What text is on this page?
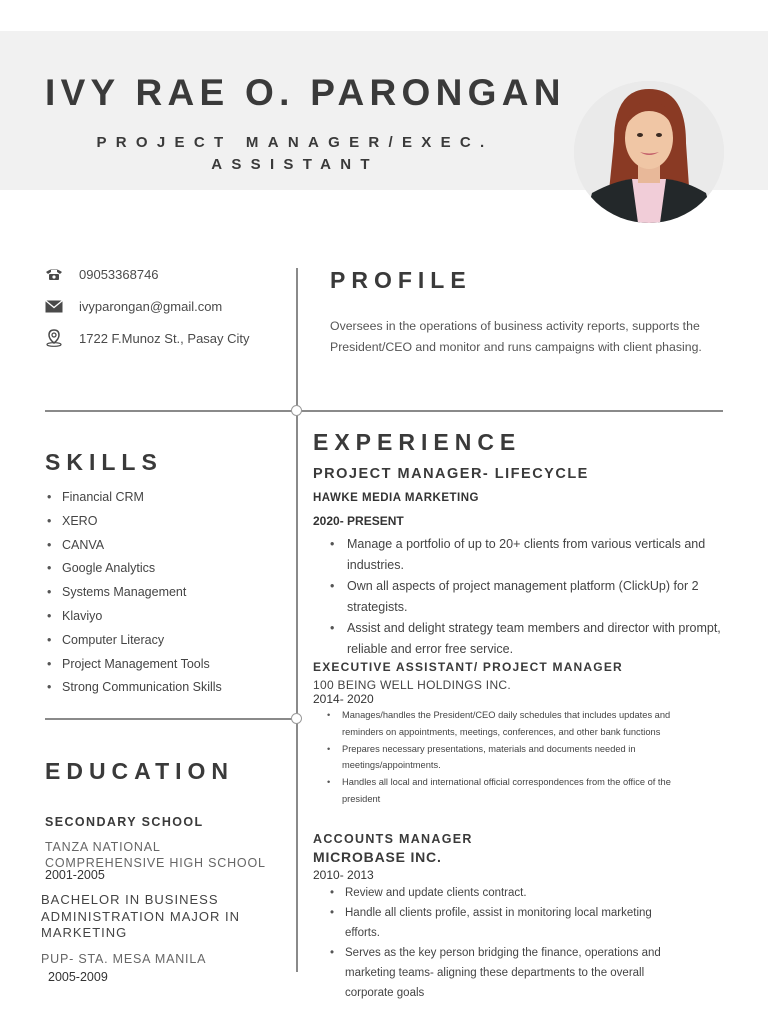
IVY RAE O. PARONGAN
PROJECT MANAGER/EXEC. ASSISTANT
09053368746
ivyparongan@gmail.com
1722 F.Munoz St., Pasay City
PROFILE
Oversees in the operations of business activity reports, supports the President/CEO and monitor and runs campaigns with client phasing.
SKILLS
• Financial CRM
• XERO
• CANVA
• Google Analytics
• Systems Management
• Klaviyo
• Computer Literacy
• Project Management Tools
• Strong Communication Skills
EDUCATION
SECONDARY SCHOOL
TANZA NATIONAL COMPREHENSIVE HIGH SCHOOL
2001-2005
BACHELOR IN BUSINESS ADMINISTRATION MAJOR IN MARKETING
PUP- STA. MESA MANILA
2005-2009
EXPERIENCE
PROJECT MANAGER- LIFECYCLE
HAWKE MEDIA MARKETING
2020- PRESENT
• Manage a portfolio of up to 20+ clients from various verticals and industries.
• Own all aspects of project management platform (ClickUp) for 2 strategists.
• Assist and delight strategy team members and director with prompt, reliable and error free service.
EXECUTIVE ASSISTANT/ PROJECT MANAGER
100 BEING WELL HOLDINGS INC.
2014- 2020
• Manages/handles the President/CEO daily schedules that includes updates and reminders on appointments, meetings, conferences, and other bank functions
• Prepares necessary presentations, materials and documents needed in meetings/appointments.
• Handles all local and international official correspondences from the office of the president
ACCOUNTS MANAGER
MICROBASE INC.
2010- 2013
• Review and update clients contract.
• Handle all clients profile, assist in monitoring local marketing efforts.
• Serves as the key person bridging the finance, operations and marketing teams- aligning these departments to the overall corporate goals
